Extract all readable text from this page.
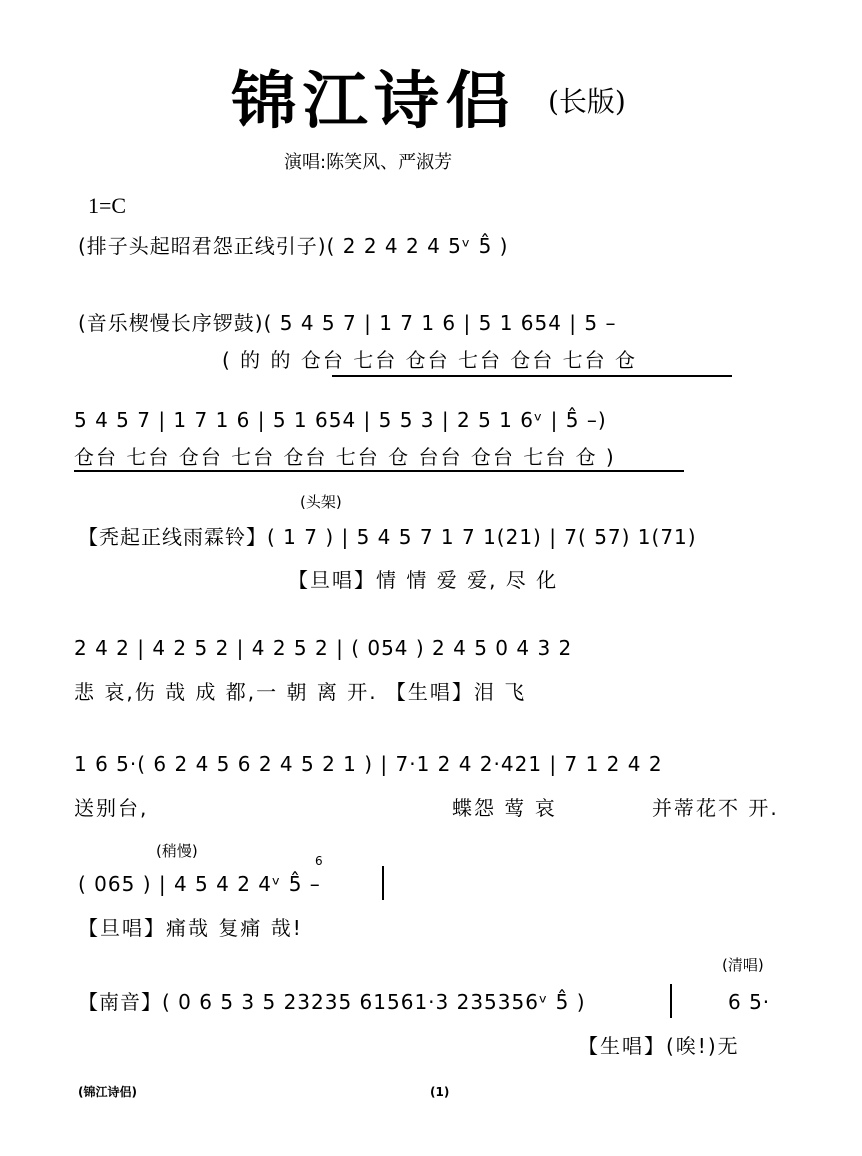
锦江诗侣 (长版)
演唱:陈笑风、严淑芳
1=C
(排子头起昭君怨正线引子)( 2 2 4 2 4 5ᵛ 5̂ )
(音乐楔慢长序锣鼓)( 5 4 5 7 | 1 7 1 6 | 5 1 654 | 5 –
( 的 的 仓台 七台 仓台 七台 仓台 七台 仓
5 4 5 7 | 1 7 1 6 | 5 1 654 | 5 5 3 | 2 5 1 6ᵛ | 5̂ –)
仓台 七台 仓台 七台 仓台 七台 仓 台台 仓台 七台 仓 )
(头架)
【秃起正线雨霖铃】( 1 7 ) | 5 4 5 7 1 7 1(21) | 7( 57) 1(71)
【旦唱】情 情 爱 爱, 尽 化
2 4 2 | 4 2 5 2 | 4 2 5 2 | ( 054 ) 2 4 5 0 4 3 2
悲 哀,伤 哉 成 都,一 朝 离 开. 【生唱】泪 飞
1 6 5·( 6 2 4 5 6 2 4 5 2 1 ) | 7·1 2 4 2·421 | 7 1 2 4 2
送别台,	蝶怨 莺 哀	并蒂花不 开.
(稍慢)
6
( 065 ) | 4 5 4 2 4ᵛ 5̂ –
【旦唱】痛哉 复痛 哉!
(清唱)
【南音】( 0 6 5 3 5 23235 61561·3 235356ᵛ 5̂ )	6 5·
【生唱】(唉!)无
(锦江诗侣)	(1)
